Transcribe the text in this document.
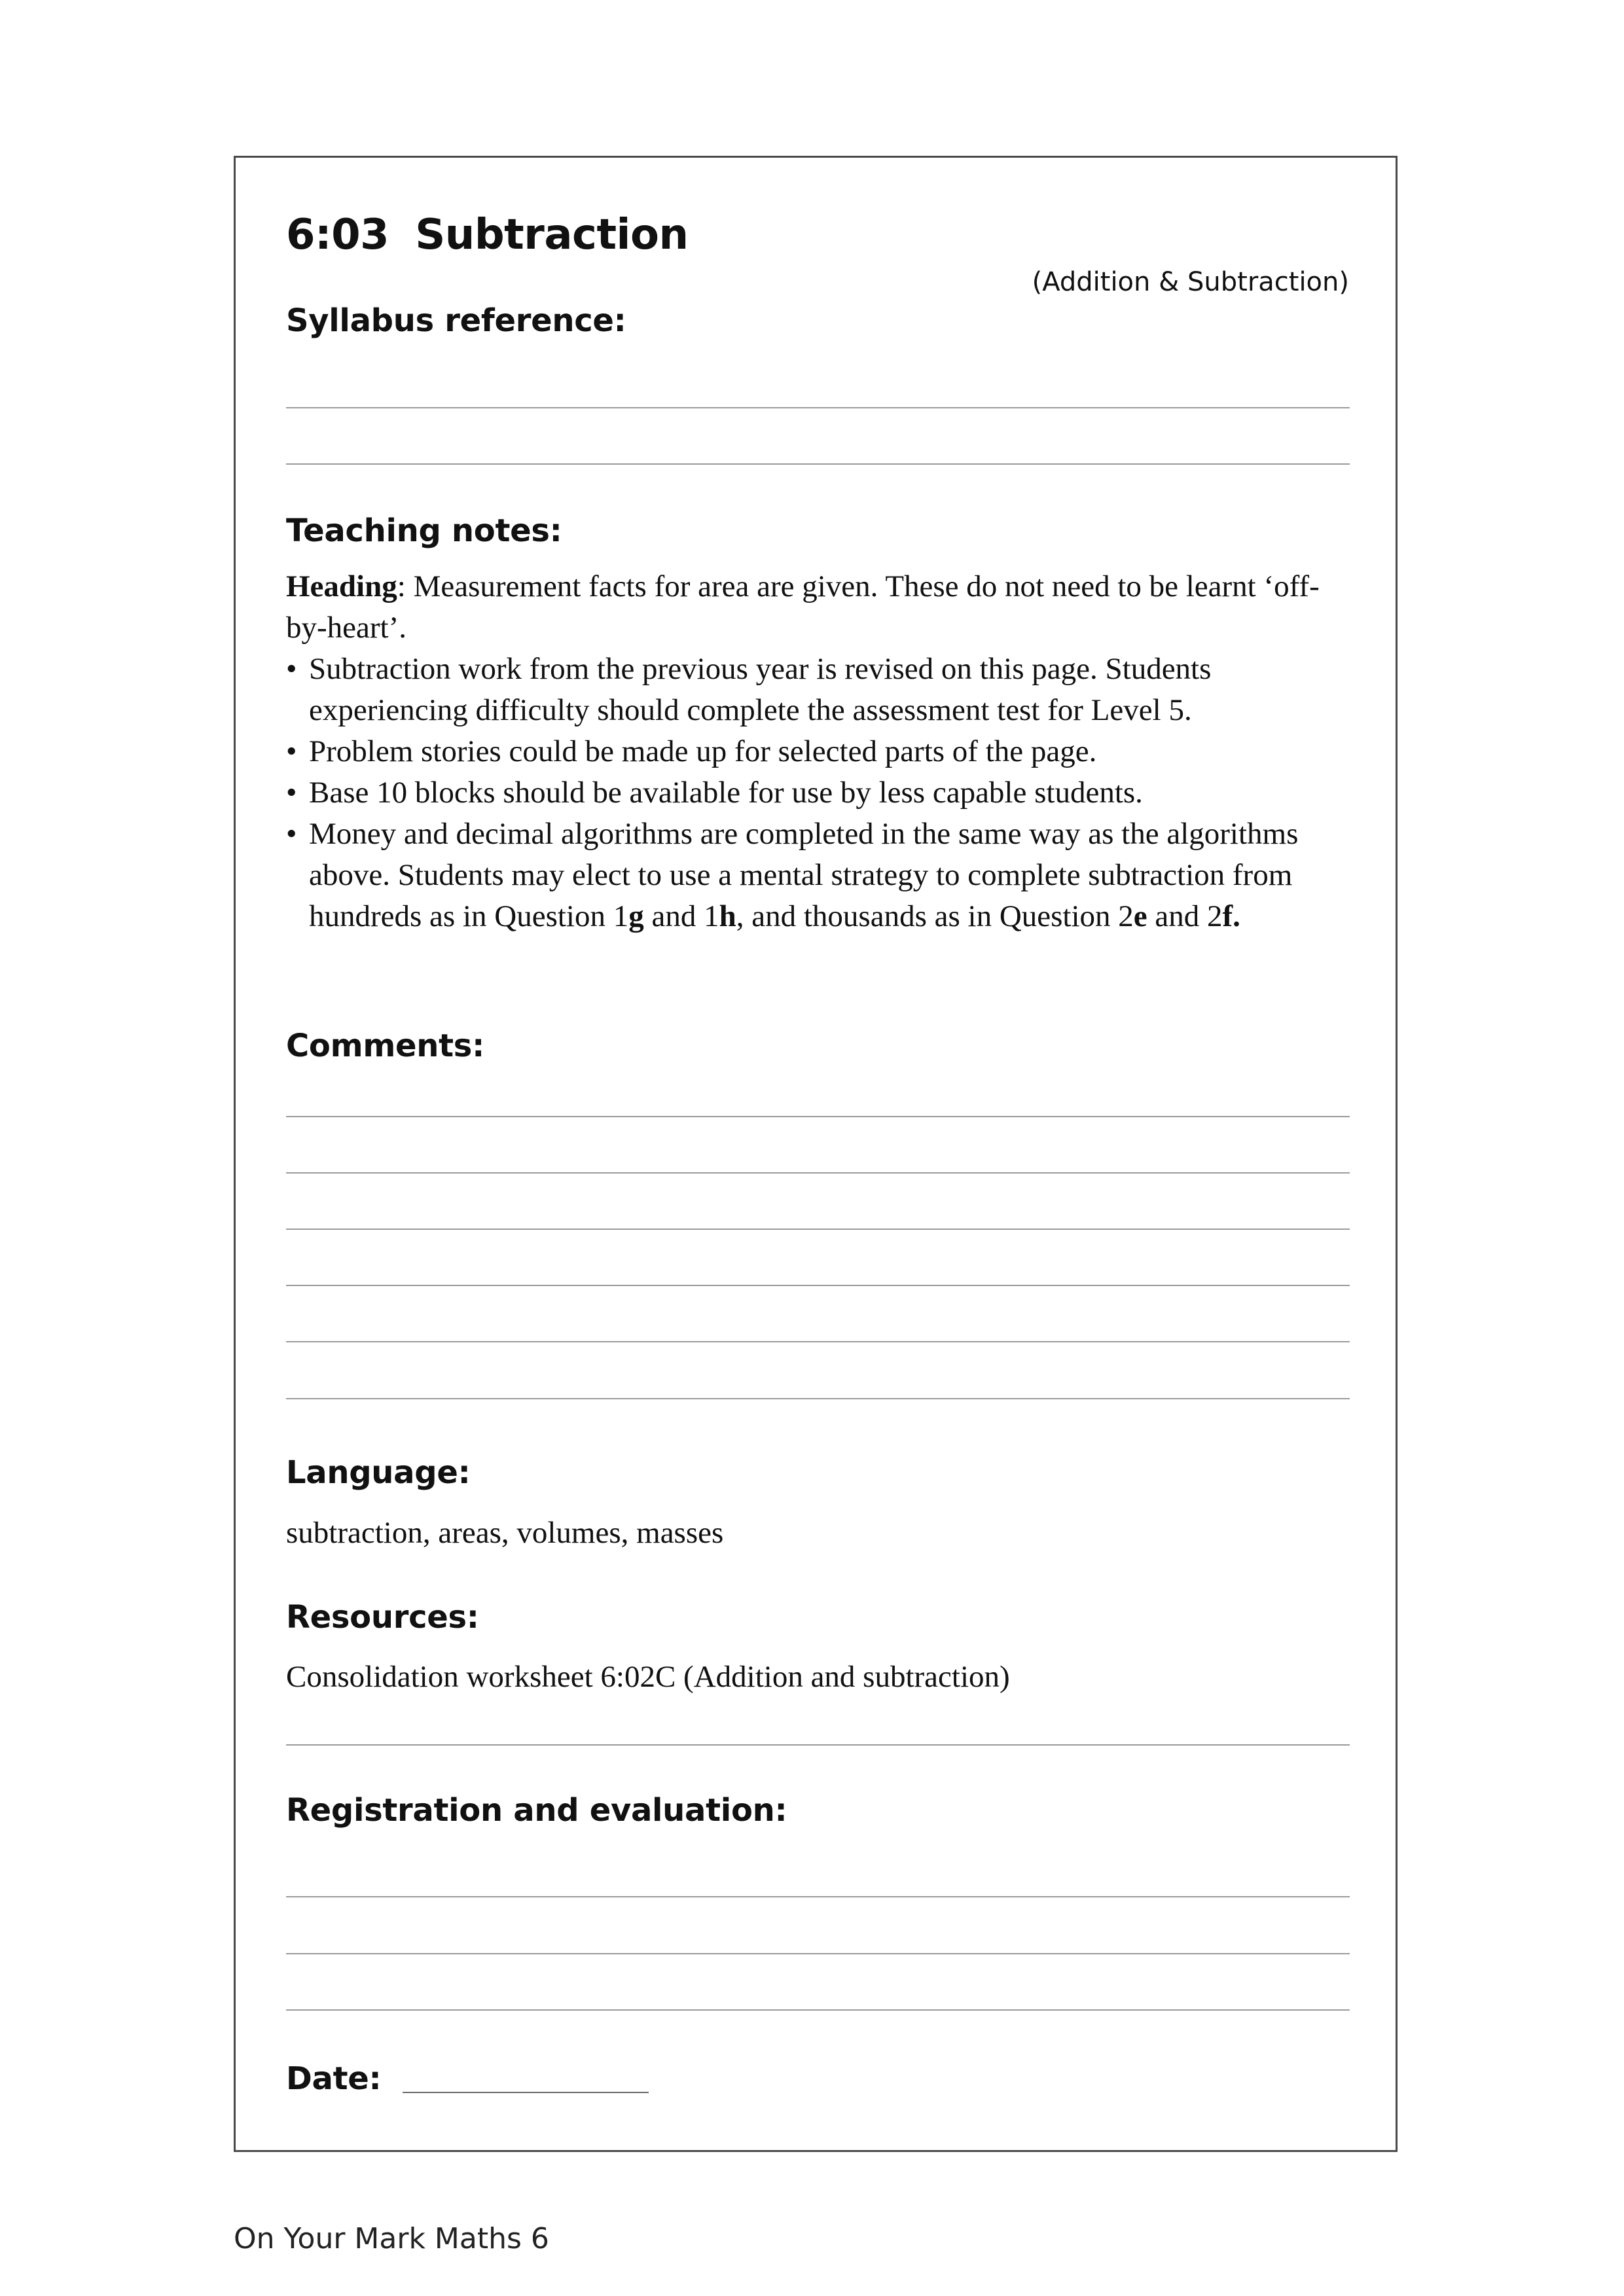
6:03 Subtraction
(Addition & Subtraction)
Syllabus reference:
Teaching notes:

Heading: Measurement facts for area are given. These do not need to be learnt ‘off-by-heart’.

• Subtraction work from the previous year is revised on this page. Students experiencing difficulty should complete the assessment test for Level 5.
• Problem stories could be made up for selected parts of the page.
• Base 10 blocks should be available for use by less capable students.
• Money and decimal algorithms are completed in the same way as the algorithms above. Students may elect to use a mental strategy to complete subtraction from hundreds as in Question 1g and 1h, and thousands as in Question 2e and 2f.
Comments:
Language:
subtraction, areas, volumes, masses
Resources:
Consolidation worksheet 6:02C (Addition and subtraction)
Registration and evaluation:
Date:
On Your Mark Maths 6
